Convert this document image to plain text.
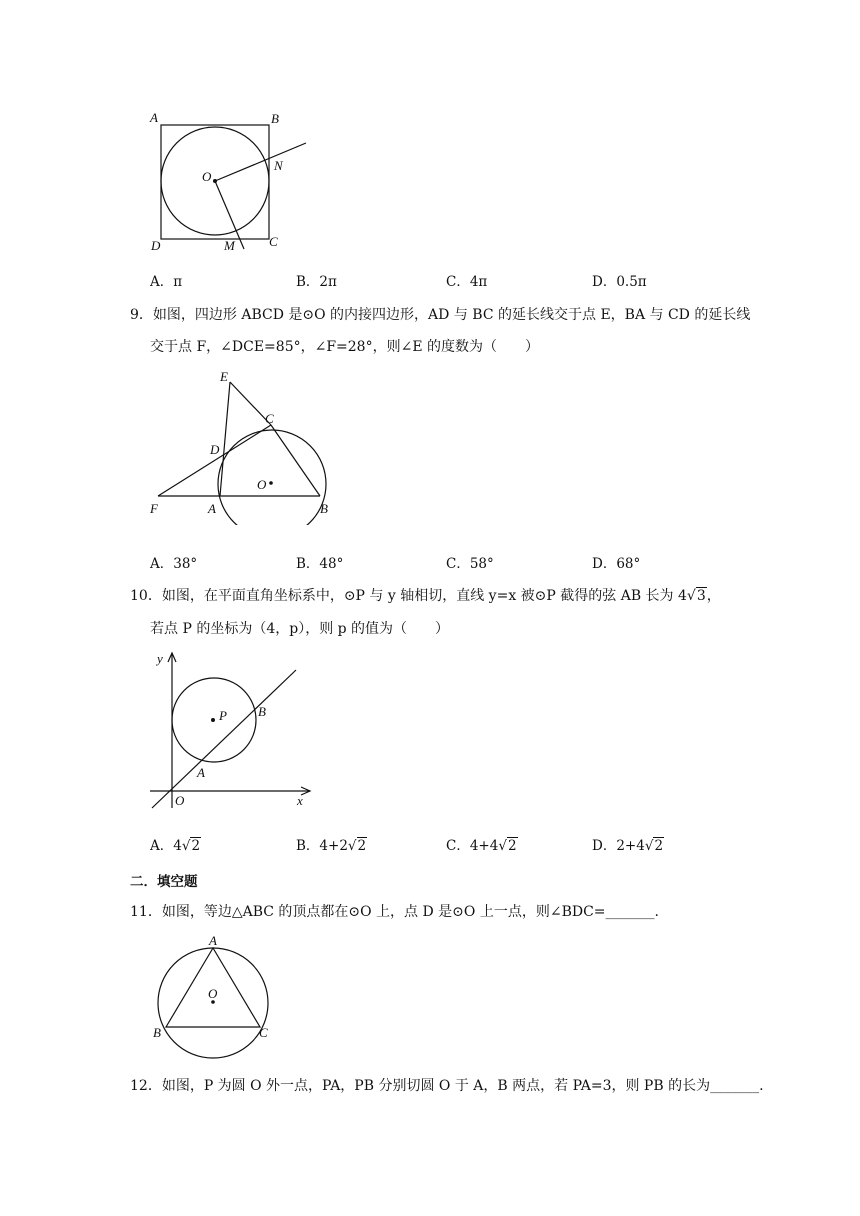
A	B
O
N
D	M	C
A．π	B．2π	C．4π	D．0.5π
9．如图，四边形 ABCD 是⊙O 的内接四边形，AD 与 BC 的延长线交于点 E，BA 与 CD 的延长线
交于点 F，∠DCE=85°，∠F=28°，则∠E 的度数为（　　）
E
C
D
O
F	A	B
A．38°	B．48°	C．58°	D．68°
10．如图，在平面直角坐标系中，⊙P 与 y 轴相切，直线 y=x 被⊙P 截得的弦 AB 长为 4√3，
若点 P 的坐标为（4，p），则 p 的值为（　　）
y
P B
A
O	x
A．4√2	B．4+2√2	C．4+4√2	D．2+4√2
二．填空题
11．如图，等边△ABC 的顶点都在⊙O 上，点 D 是⊙O 上一点，则∠BDC=_______.
A
O
B	C
12．如图，P 为圆 O 外一点，PA，PB 分别切圆 O 于 A，B 两点，若 PA=3，则 PB 的长为_______.
